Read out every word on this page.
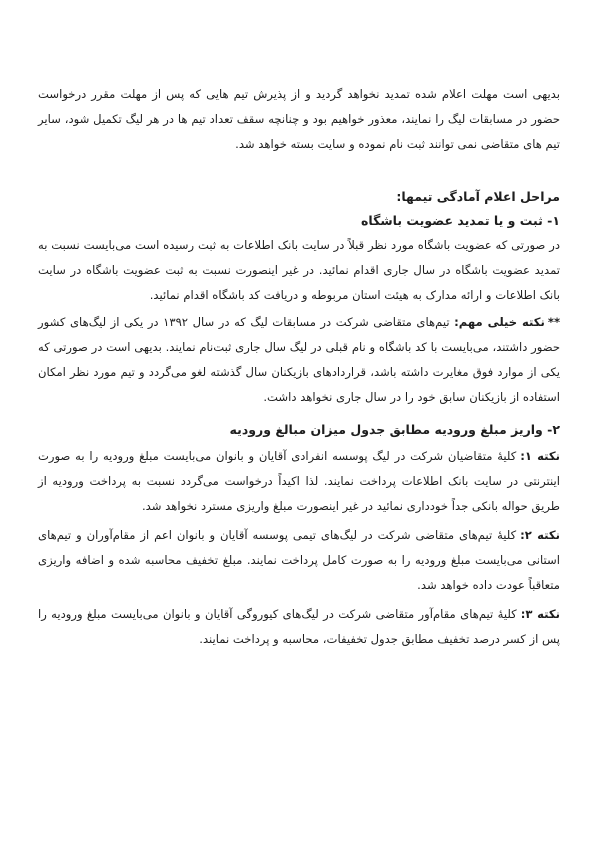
بدیهی است مهلت اعلام شده تمدید نخواهد گردید و از پذیرش تیم هایی که پس از مهلت مقرر درخواست حضور در مسابقات لیگ را نمایند، معذور خواهیم بود و چنانچه سقف تعداد تیم ها در هر لیگ تکمیل شود، سایر تیم های متقاضی نمی توانند ثبت نام نموده و سایت بسته خواهد شد.

مراحل اعلام آمادگی تیمها:
۱- ثبت و یا تمدید عضویت باشگاه

در صورتی که عضویت باشگاه مورد نظر قبلاً در سایت بانک اطلاعات به ثبت رسیده است می‌بایست نسبت به تمدید عضویت باشگاه در سال جاری اقدام نمائید. در غیر اینصورت نسبت به ثبت عضویت باشگاه در سایت بانک اطلاعات و ارائه مدارک به هیئت استان مربوطه و دریافت کد باشگاه اقدام نمائید.

**نکته خیلی مهم: تیم‌های متقاضی شرکت در مسابقات لیگ که در سال ۱۳۹۲ در یکی از لیگ‌های کشور حضور داشتند، می‌بایست با کد باشگاه و نام قبلی در لیگ سال جاری ثبت‌نام نمایند. بدیهی است در صورتی که یکی از موارد فوق مغایرت داشته باشد، قراردادهای بازیکنان سال گذشته لغو می‌گردد و تیم مورد نظر امکان استفاده از بازیکنان سابق خود را در سال جاری نخواهد داشت.

۲- واریز مبلغ ورودیه مطابق جدول میزان مبالغ ورودیه
نکته ۱:کلیهٔ متقاضیان شرکت در لیگ پوسسه انفرادی آقایان و بانوان می‌بایست مبلغ ورودیه را به صورت اینترنتی در سایت بانک اطلاعات پرداخت نمایند. لذا اکیداً درخواست می‌گردد نسبت به پرداخت ورودیه از طریق حواله بانکی جداً خودداری نمائید در غیر اینصورت مبلغ واریزی مسترد نخواهد شد.
نکته ۲:کلیهٔ تیم‌های متقاضی شرکت در لیگ‌های تیمی پوسسه آقایان و بانوان اعم از مقام‌آوران و تیم‌های استانی می‌بایست مبلغ ورودیه را به صورت کامل پرداخت نمایند. مبلغ تخفیف محاسبه شده و اضافه واریزی متعاقباً عودت داده خواهد شد.
نکته ۳:کلیهٔ تیم‌های مقام‌آور متقاضی شرکت در لیگ‌های کیوروگی آقایان و بانوان می‌بایست مبلغ ورودیه را پس از کسر درصد تخفیف مطابق جدول تخفیفات، محاسبه و پرداخت نمایند.
